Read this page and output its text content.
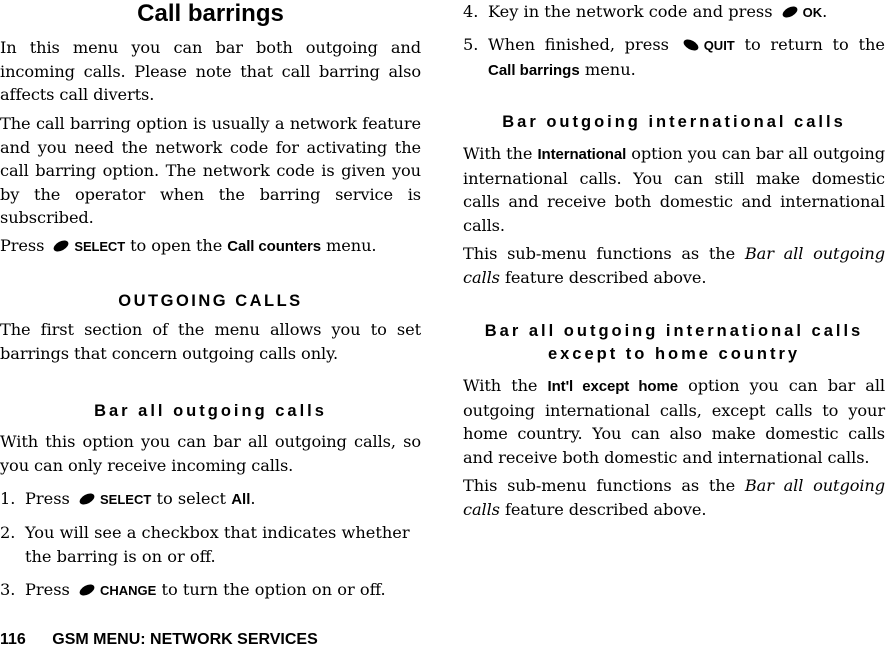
Call barrings

In this menu you can bar both outgoing and incoming calls. Please note that call barring also affects call diverts.

The call barring option is usually a network feature and you need the network code for activating the call barring option. The network code is given you by the operator when the barring service is subscribed.

Press SELECT to open the Call counters menu.

OUTGOING CALLS

The first section of the menu allows you to set barrings that concern outgoing calls only.

Bar all outgoing calls

With this option you can bar all outgoing calls, so you can only receive incoming calls.

1. Press SELECT to select All.
2. You will see a checkbox that indicates whether the barring is on or off.
3. Press CHANGE to turn the option on or off.
4. Key in the network code and press OK.
5. When finished, press	QUIT to return to the Call barrings menu.
Bar outgoing international calls

With the International option you can bar all outgoing international calls. You can still make domestic calls and receive both domestic and international calls.

This sub-menu functions as the Bar all outgoing calls feature described above.

Bar all outgoing international calls
except to home country

With the Int'l except home option you can bar all outgoing international calls, except calls to your home country. You can also make domestic calls and receive both domestic and international calls.

This sub-menu functions as the Bar all outgoing calls feature described above.

116 GSM MENU: NETWORK SERVICES
